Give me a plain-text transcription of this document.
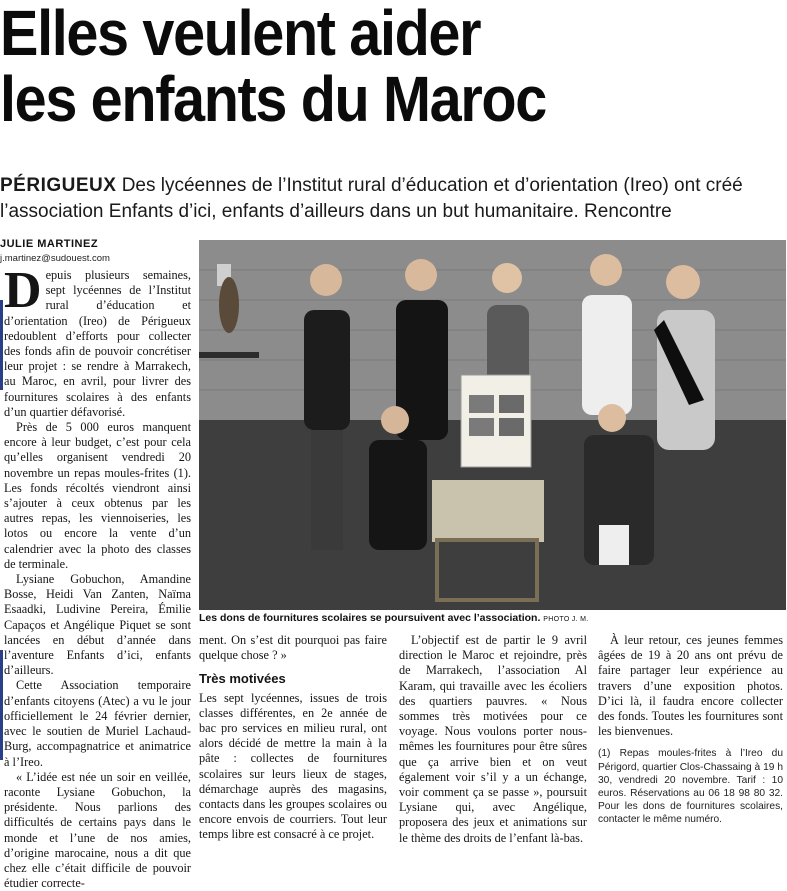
Elles veulent aider
les enfants du Maroc
PÉRIGUEUX Des lycéennes de l’Institut rural d’éducation et d’orientation (Ireo) ont créé
l’association Enfants d’ici, enfants d’ailleurs dans un but humanitaire. Rencontre
JULIE MARTINEZ
j.martinez@sudouest.com

Depuis plusieurs semaines, sept lycéennes de l’Institut rural d’éducation et d’orientation (Ireo) de Périgueux redoublent d’efforts pour collecter des fonds afin de pouvoir concrétiser leur projet : se rendre à Marrakech, au Maroc, en avril, pour livrer des fournitures scolaires à des enfants d’un quartier défavorisé.

Près de 5 000 euros manquent encore à leur budget, c’est pour cela qu’elles organisent vendredi 20 novembre un repas moules-frites (1). Les fonds récoltés viendront ainsi s’ajouter à ceux obtenus par les autres repas, les viennoiseries, les lotos ou encore la vente d’un calendrier avec la photo des classes de terminale.

Lysiane Gobuchon, Amandine Bosse, Heidi Van Zanten, Naïma Esaadki, Ludivine Pereira, Émilie Capaços et Angélique Piquet se sont lancées en début d’année dans l’aventure Enfants d’ici, enfants d’ailleurs.

Cette Association temporaire d’enfants citoyens (Atec) a vu le jour officiellement le 24 février dernier, avec le soutien de Muriel Lachaud-Burg, accompagnatrice et animatrice à l’Ireo.

« L’idée est née un soir en veillée, raconte Lysiane Gobuchon, la présidente. Nous parlions des difficultés de certains pays dans le monde et l’une de nos amies, d’origine marocaine, nous a dit que chez elle c’était difficile de pouvoir étudier correcte-

Les dons de fournitures scolaires se poursuivent avec l’association. PHOTO J. M.

ment. On s’est dit pourquoi pas faire quelque chose ? »

Très motivées

Les sept lycéennes, issues de trois classes différentes, en 2e année de bac pro services en milieu rural, ont alors décidé de mettre la main à la pâte : collectes de fournitures scolaires sur leurs lieux de stages, démarchage auprès des magasins, contacts dans les groupes scolaires ou encore envois de courriers. Tout leur temps libre est consacré à ce projet.

L’objectif est de partir le 9 avril direction le Maroc et rejoindre, près de Marrakech, l’association Al Karam, qui travaille avec les écoliers des quartiers pauvres. « Nous sommes très motivées pour ce voyage. Nous voulons porter nous-mêmes les fournitures pour être sûres que ça arrive bien et on veut également voir s’il y a un échange, voir comment ça se passe », poursuit Lysiane qui, avec Angélique, proposera des jeux et animations sur le thème des droits de l’enfant là-bas.

À leur retour, ces jeunes femmes âgées de 19 à 20 ans ont prévu de faire partager leur expérience au travers d’une exposition photos. D’ici là, il faudra encore collecter des fonds. Toutes les fournitures sont les bienvenues.

(1) Repas moules-frites à l’Ireo du Périgord, quartier Clos-Chassaing à 19 h 30, vendredi 20 novembre. Tarif : 10 euros. Réservations au 06 18 98 80 32. Pour les dons de fournitures scolaires, contacter le même numéro.
